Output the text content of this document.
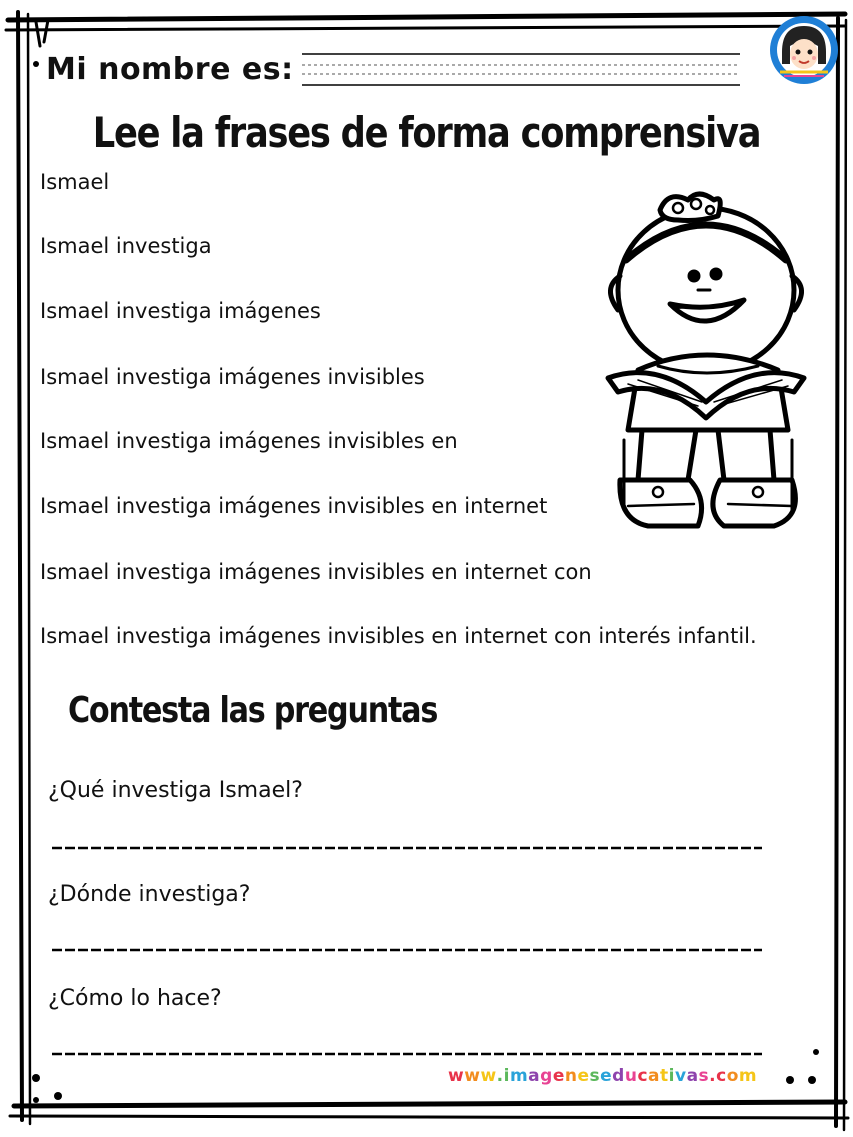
Mi nombre es:
Lee la frases de forma comprensiva
Ismael
Ismael investiga
Ismael investiga imágenes
Ismael investiga imágenes invisibles
Ismael investiga imágenes invisibles en
Ismael investiga imágenes invisibles en internet
Ismael investiga imágenes invisibles en internet con
Ismael investiga imágenes invisibles en internet con interés infantil.
Contesta las preguntas
¿Qué investiga Ismael?
¿Dónde investiga?
¿Cómo lo hace?
www.imageneseducativas.com
